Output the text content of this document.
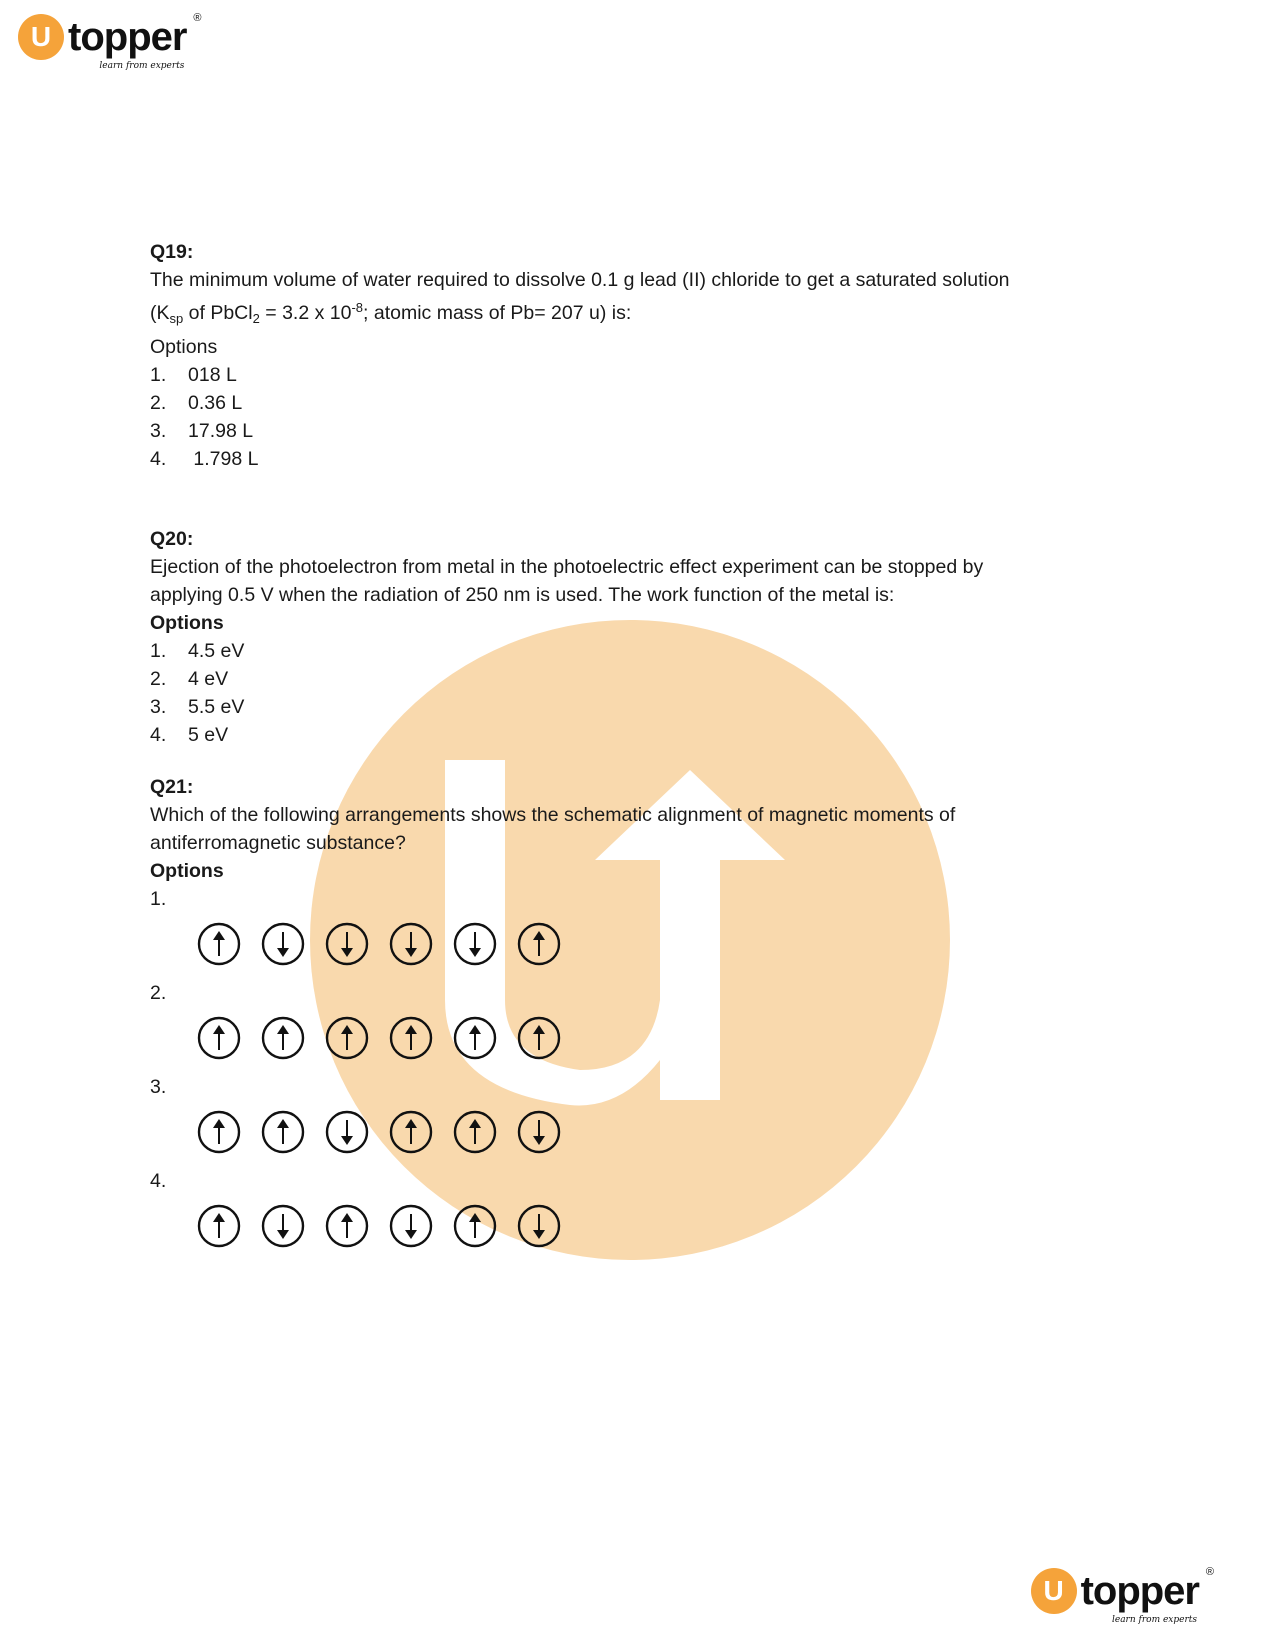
U topper ®
learn from experts
Q19:
The minimum volume of water required to dissolve 0.1 g lead (II) chloride to get a saturated solution
($K_{sp}$ of PbCl$_2$ = 3.2 x $10^{-8}$; atomic mass of Pb= 207 u) is:
Options
1.	018 L
2.	0.36 L
3.	17.98 L
4.	1.798 L
Q20:
Ejection of the photoelectron from metal in the photoelectric effect experiment can be stopped by
applying 0.5 V when the radiation of 250 nm is used. The work function of the metal is:
Options
1.	4.5 eV
2.	4 eV
3.	5.5 eV
4.	5 eV
Q21:
Which of the following arrangements shows the schematic alignment of magnetic moments of
antiferromagnetic substance?
Options
1.
2.
3.
4.
U topper ®
learn from experts
